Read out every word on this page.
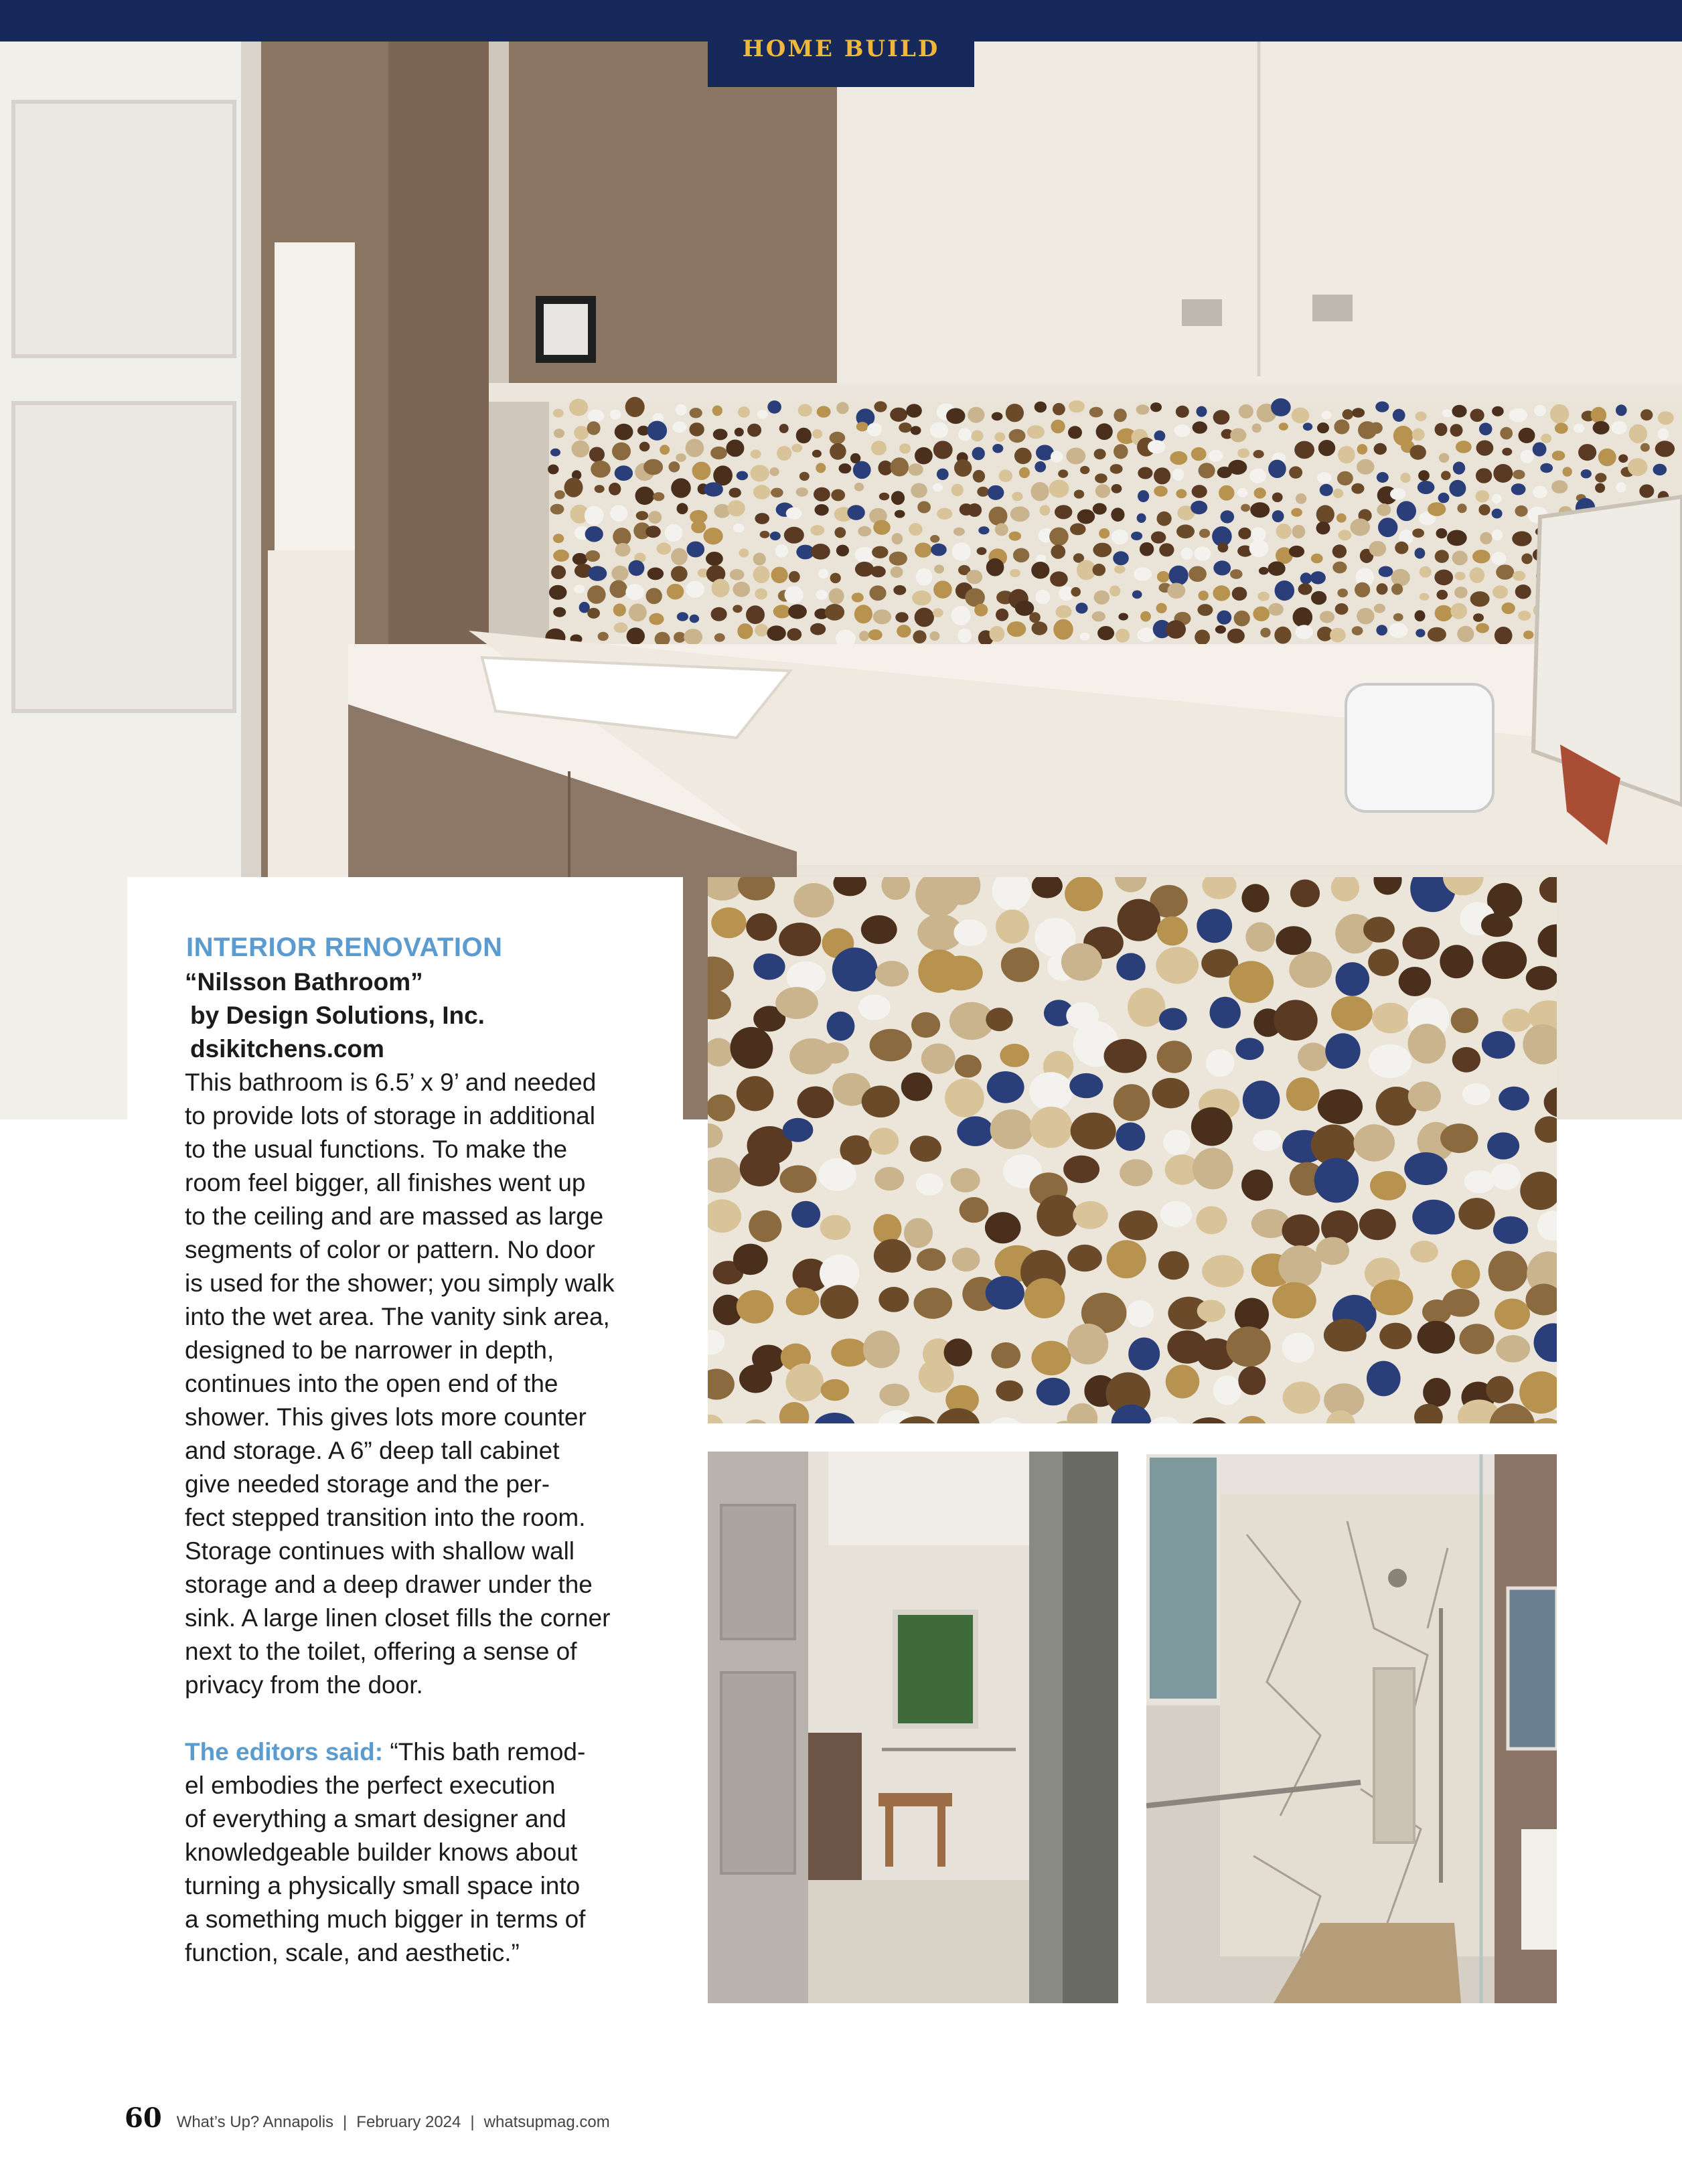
HOME BUILD
INTERIOR RENOVATION
“Nilsson Bathroom”
by Design Solutions, Inc.
dsikitchens.com

This bathroom is 6.5’ x 9’ and needed
to provide lots of storage in additional
to the usual functions. To make the
room feel bigger, all finishes went up
to the ceiling and are massed as large
segments of color or pattern. No door
is used for the shower; you simply walk
into the wet area. The vanity sink area,
designed to be narrower in depth,
continues into the open end of the
shower. This gives lots more counter
and storage. A 6” deep tall cabinet
give needed storage and the per-
fect stepped transition into the room.
Storage continues with shallow wall
storage and a deep drawer under the
sink. A large linen closet fills the corner
next to the toilet, offering a sense of
privacy from the door.

The editors said: “This bath remod-
el embodies the perfect execution
of everything a smart designer and
knowledgeable builder knows about
turning a physically small space into
a something much bigger in terms of
function, scale, and aesthetic.”
60 What’s Up? Annapolis | February 2024 | whatsupmag.com
